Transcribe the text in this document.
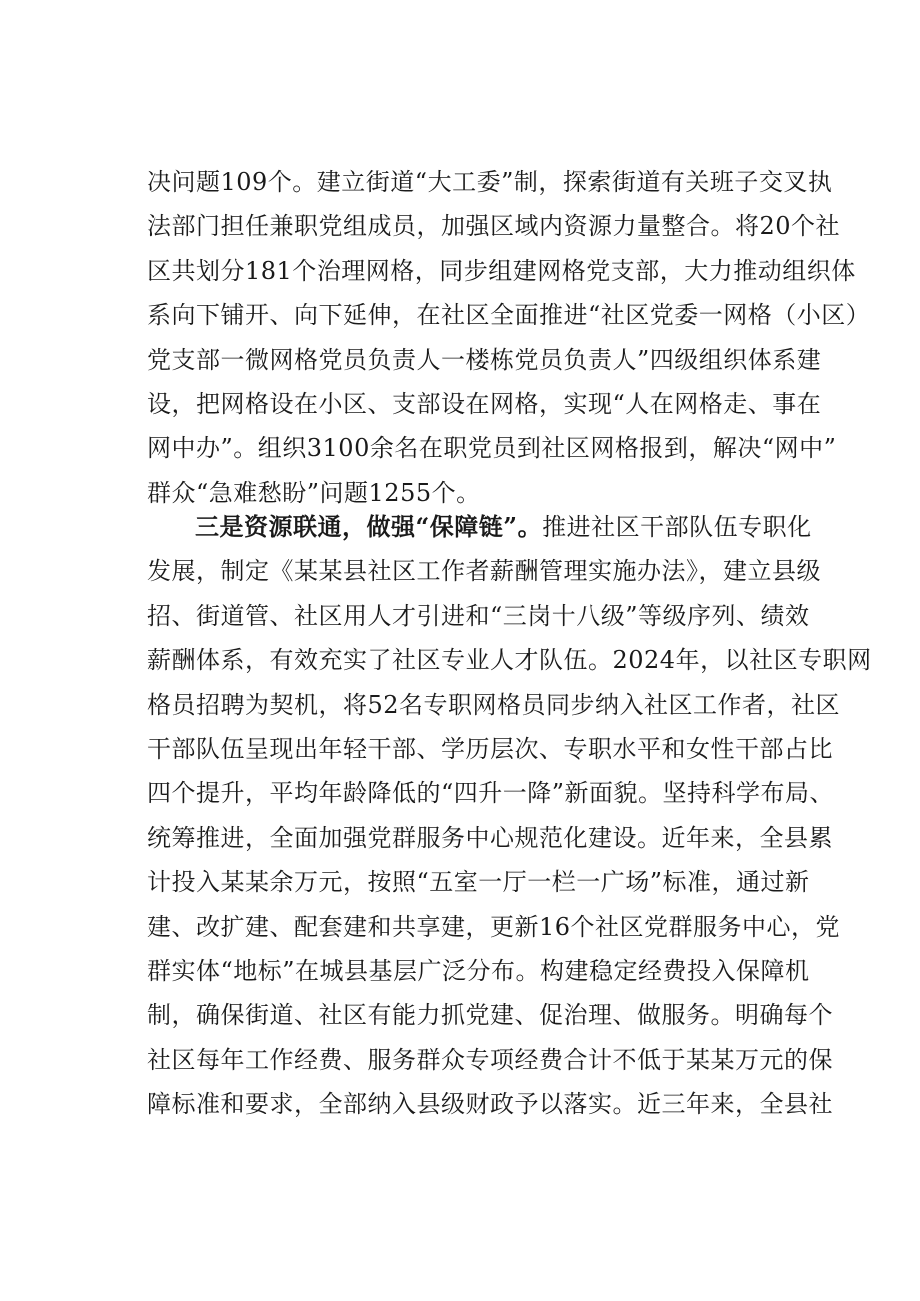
决问题109个。建立街道“大工委”制，探索街道有关班子交叉执
法部门担任兼职党组成员，加强区域内资源力量整合。将20个社
区共划分181个治理网格，同步组建网格党支部，大力推动组织体
系向下铺开、向下延伸，在社区全面推进“社区党委一网格（小区）
党支部一微网格党员负责人一楼栋党员负责人”四级组织体系建
设，把网格设在小区、支部设在网格，实现“人在网格走、事在
网中办”。组织3100余名在职党员到社区网格报到，解决“网中”
群众“急难愁盼”问题1255个。
三是资源联通，做强“保障链”。推进社区干部队伍专职化
发展，制定《某某县社区工作者薪酬管理实施办法》，建立县级
招、街道管、社区用人才引进和“三岗十八级”等级序列、绩效
薪酬体系，有效充实了社区专业人才队伍。2024年，以社区专职网
格员招聘为契机，将52名专职网格员同步纳入社区工作者，社区
干部队伍呈现出年轻干部、学历层次、专职水平和女性干部占比
四个提升，平均年龄降低的“四升一降”新面貌。坚持科学布局、
统筹推进，全面加强党群服务中心规范化建设。近年来，全县累
计投入某某余万元，按照“五室一厅一栏一广场”标准，通过新
建、改扩建、配套建和共享建，更新16个社区党群服务中心，党
群实体“地标”在城县基层广泛分布。构建稳定经费投入保障机
制，确保街道、社区有能力抓党建、促治理、做服务。明确每个
社区每年工作经费、服务群众专项经费合计不低于某某万元的保
障标准和要求，全部纳入县级财政予以落实。近三年来，全县社
